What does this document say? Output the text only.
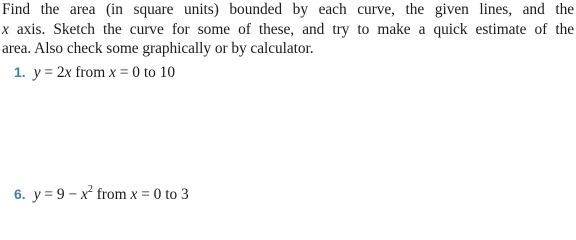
Find the area (in square units) bounded by each curve, the given lines, and the
x axis. Sketch the curve for some of these, and try to make a quick estimate of the
area. Also check some graphically or by calculator.
1. y = 2x from x = 0 to 10
6. $y = 9 - x^2$ from x = 0 to 3
